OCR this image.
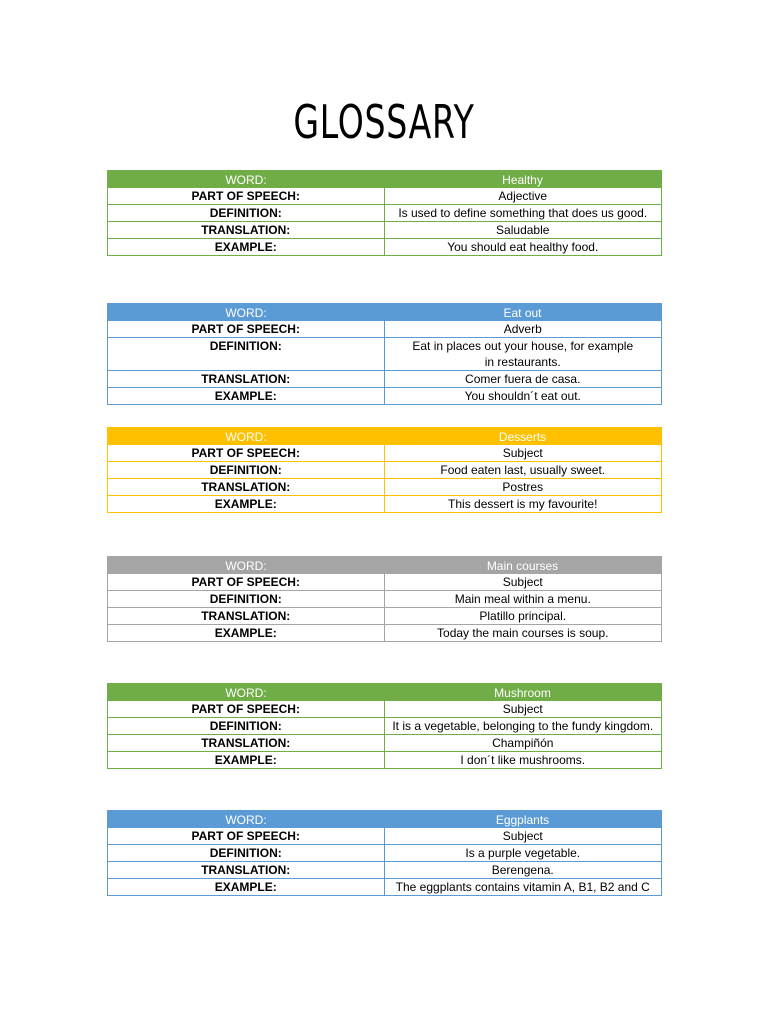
GLOSSARY
WORD:	Healthy
PART OF SPEECH:	Adjective
DEFINITION:	Is used to define something that does us good.
TRANSLATION:	Saludable
EXAMPLE:	You should eat healthy food.
WORD:	Eat out
PART OF SPEECH:	Adverb
DEFINITION:	Eat in places out your house, for example in restaurants.
TRANSLATION:	Comer fuera de casa.
EXAMPLE:	You shouldn´t eat out.
WORD:	Desserts
PART OF SPEECH:	Subject
DEFINITION:	Food eaten last, usually sweet.
TRANSLATION:	Postres
EXAMPLE:	This dessert is my favourite!
WORD:	Main courses
PART OF SPEECH:	Subject
DEFINITION:	Main meal within a menu.
TRANSLATION:	Platillo principal.
EXAMPLE:	Today the main courses is soup.
WORD:	Mushroom
PART OF SPEECH:	Subject
DEFINITION:	It is a vegetable, belonging to the fundy kingdom.
TRANSLATION:	Champiñón
EXAMPLE:	I don´t like mushrooms.
WORD:	Eggplants
PART OF SPEECH:	Subject
DEFINITION:	Is a purple vegetable.
TRANSLATION:	Berengena.
EXAMPLE:	The eggplants contains vitamin A, B1, B2 and C
